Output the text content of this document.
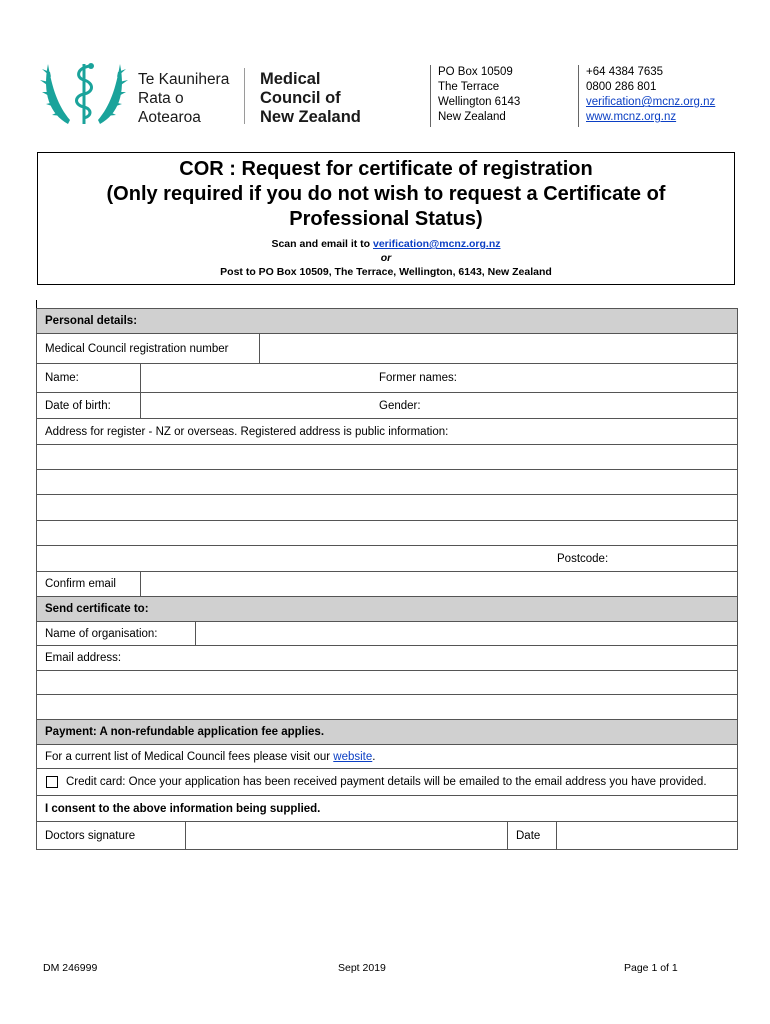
Te Kaunihera
Rata o
Aotearoa
Medical
Council of
New Zealand
PO Box 10509
The Terrace
Wellington 6143
New Zealand
+64 4384 7635
0800 286 801
verification@mcnz.org.nz
www.mcnz.org.nz
COR : Request for certificate of registration
(Only required if you do not wish to request a Certificate of Professional Status)
Scan and email it to verification@mcnz.org.nz
or
Post to PO Box 10509, The Terrace, Wellington, 6143, New Zealand
Personal details:
Medical Council registration number
Name:	Former names:
Date of birth:	Gender:
Address for register - NZ or overseas. Registered address is public information:
Postcode:
Confirm email
Send certificate to:
Name of organisation:
Email address:
Payment: A non-refundable application fee applies.
For a current list of Medical Council fees please visit our website.
Credit card: Once your application has been received payment details will be emailed to the email address you have provided.
I consent to the above information being supplied.
Doctors signature	Date
DM 246999	Sept 2019	Page 1 of 1
